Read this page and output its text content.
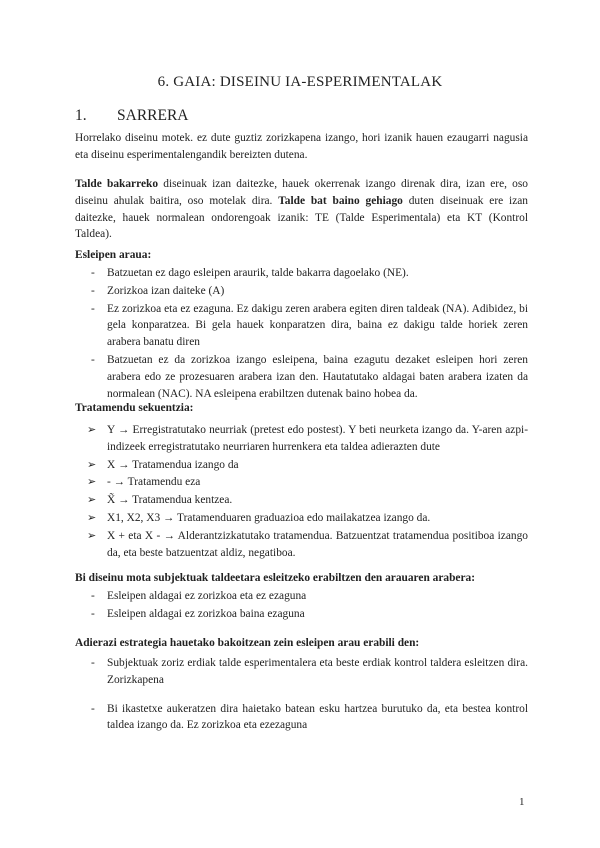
6. GAIA: DISEINU IA-ESPERIMENTALAK
1. SARRERA
Horrelako diseinu motek. ez dute guztiz zorizkapena izango, hori izanik hauen ezaugarri nagusia eta diseinu esperimentalengandik bereizten dutena.
Talde bakarreko diseinuak izan daitezke, hauek okerrenak izango direnak dira, izan ere, oso diseinu ahulak baitira, oso motelak dira. Talde bat baino gehiago duten diseinuak ere izan daitezke, hauek normalean ondorengoak izanik: TE (Talde Esperimentala) eta KT (Kontrol Taldea).
Esleipen araua:
- Batzuetan ez dago esleipen araurik, talde bakarra dagoelako (NE).
- Zorizkoa izan daiteke (A)
- Ez zorizkoa eta ez ezaguna. Ez dakigu zeren arabera egiten diren taldeak (NA). Adibidez, bi gela konparatzea. Bi gela hauek konparatzen dira, baina ez dakigu talde horiek zeren arabera banatu diren
- Batzuetan ez da zorizkoa izango esleipena, baina ezagutu dezaket esleipen hori zeren arabera edo ze prozesuaren arabera izan den. Hautatutako aldagai baten arabera izaten da normalean (NAC). NA esleipena erabiltzen dutenak baino hobea da.
Tratamendu sekuentzia:
➢ Y → Erregistratutako neurriak (pretest edo postest). Y beti neurketa izango da. Y-aren azpi-indizeek erregistratutako neurriaren hurrenkera eta taldea adierazten dute
➢ X → Tratamendua izango da
➢ - → Tratamendu eza
➢ X̃ → Tratamendua kentzea.
➢ X1, X2, X3 → Tratamenduaren graduazioa edo mailakatzea izango da.
➢ X + eta X - → Alderantzizkatutako tratamendua. Batzuentzat tratamendua positiboa izango da, eta beste batzuentzat aldiz, negatiboa.
Bi diseinu mota subjektuak taldeetara esleitzeko erabiltzen den arauaren arabera:
- Esleipen aldagai ez zorizkoa eta ez ezaguna
- Esleipen aldagai ez zorizkoa baina ezaguna
Adierazi estrategia hauetako bakoitzean zein esleipen arau erabili den:
- Subjektuak zoriz erdiak talde esperimentalera eta beste erdiak kontrol taldera esleitzen dira. Zorizkapena
- Bi ikastetxe aukeratzen dira haietako batean esku hartzea burutuko da, eta bestea kontrol taldea izango da. Ez zorizkoa eta ezezaguna
1
